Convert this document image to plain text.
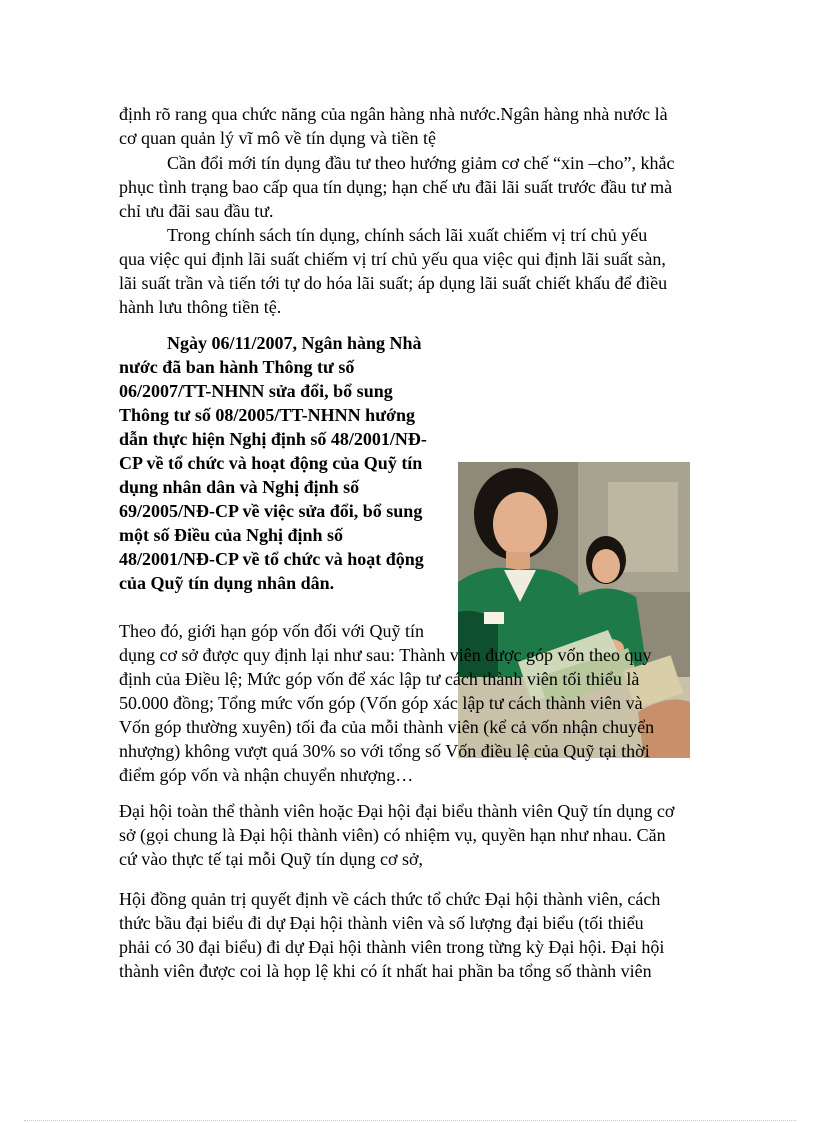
định rõ rang qua chức năng của ngân hàng nhà nước.Ngân hàng nhà nước là
cơ quan quản lý vĩ mô về tín dụng và tiền tệ
Cần đổi mới tín dụng đầu tư theo hướng giảm cơ chế “xin –cho”, khắc
phục tình trạng bao cấp qua tín dụng; hạn chế ưu đãi lãi suất trước đầu tư mà
chỉ ưu đãi sau đầu tư.
Trong chính sách tín dụng, chính sách lãi xuất chiếm vị trí chủ yếu
qua việc qui định lãi suất chiếm vị trí chủ yếu qua việc qui định lãi suất sàn,
lãi suất trần và tiến tới tự do hóa lãi suất; áp dụng lãi suất chiết khấu để điều
hành lưu thông tiền tệ.
Ngày 06/11/2007, Ngân hàng Nhà
nước đã ban hành Thông tư số
06/2007/TT-NHNN sửa đổi, bổ sung
Thông tư số 08/2005/TT-NHNN hướng
dẫn thực hiện Nghị định số 48/2001/NĐ-
CP về tổ chức và hoạt động của Quỹ tín
dụng nhân dân và Nghị định số
69/2005/NĐ-CP về việc sửa đổi, bổ sung
một số Điều của Nghị định số
48/2001/NĐ-CP về tổ chức và hoạt động
của Quỹ tín dụng nhân dân.
Theo đó, giới hạn góp vốn đối với Quỹ tín
dụng cơ sở được quy định lại như sau: Thành viên được góp vốn theo quy
định của Điều lệ; Mức góp vốn để xác lập tư cách thành viên tối thiểu là
50.000 đồng; Tổng mức vốn góp (Vốn góp xác lập tư cách thành viên và
Vốn góp thường xuyên) tối đa của mỗi thành viên (kể cả vốn nhận chuyển
nhượng) không vượt quá 30% so với tổng số Vốn điều lệ của Quỹ tại thời
điểm góp vốn và nhận chuyển nhượng…
Đại hội toàn thể thành viên hoặc Đại hội đại biểu thành viên Quỹ tín dụng cơ
sở (gọi chung là Đại hội thành viên) có nhiệm vụ, quyền hạn như nhau. Căn
cứ vào thực tế tại mỗi Quỹ tín dụng cơ sở,
Hội đồng quản trị quyết định về cách thức tổ chức Đại hội thành viên, cách
thức bầu đại biểu đi dự Đại hội thành viên và số lượng đại biểu (tối thiểu
phải có 30 đại biểu) đi dự Đại hội thành viên trong từng kỳ Đại hội. Đại hội
thành viên được coi là họp lệ khi có ít nhất hai phần ba tổng số thành viên
